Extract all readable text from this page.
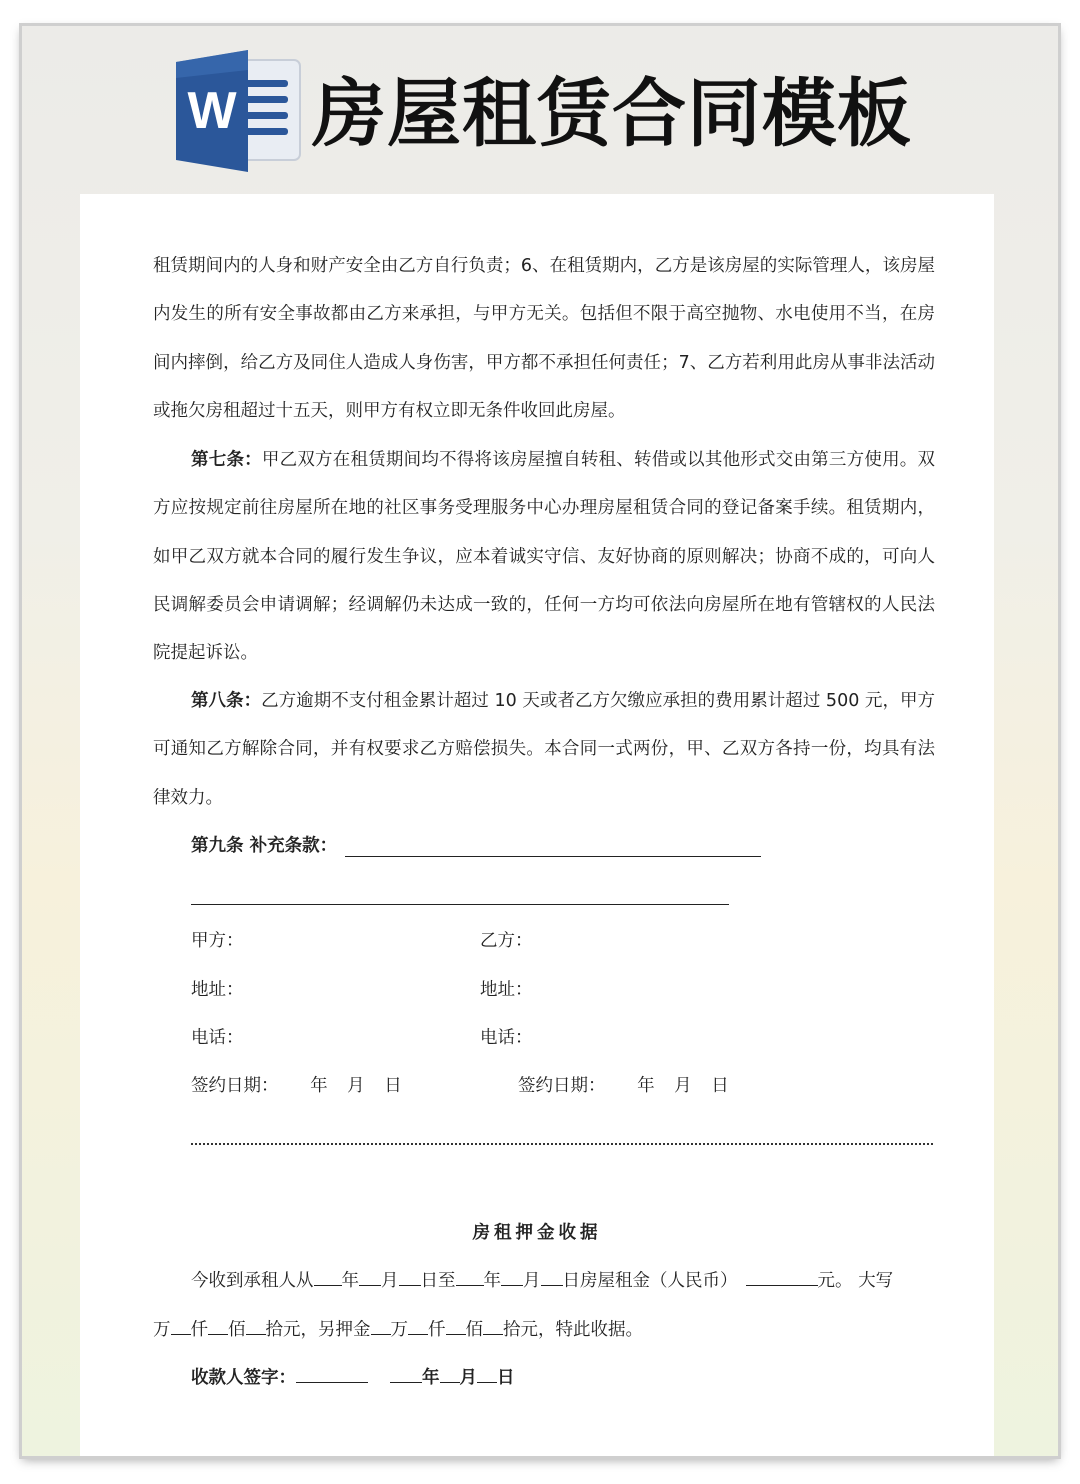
W 房屋租赁合同模板

租赁期间内的人身和财产安全由乙方自行负责；6、在租赁期内，乙方是该房屋的实际管理人，该房屋内发生的所有安全事故都由乙方来承担，与甲方无关。包括但不限于高空抛物、水电使用不当，在房间内摔倒，给乙方及同住人造成人身伤害，甲方都不承担任何责任；7、乙方若利用此房从事非法活动或拖欠房租超过十五天，则甲方有权立即无条件收回此房屋。

第七条：甲乙双方在租赁期间均不得将该房屋擅自转租、转借或以其他形式交由第三方使用。双方应按规定前往房屋所在地的社区事务受理服务中心办理房屋租赁合同的登记备案手续。租赁期内，如甲乙双方就本合同的履行发生争议，应本着诚实守信、友好协商的原则解决；协商不成的，可向人民调解委员会申请调解；经调解仍未达成一致的，任何一方均可依法向房屋所在地有管辖权的人民法院提起诉讼。

第八条：乙方逾期不支付租金累计超过 10 天或者乙方欠缴应承担的费用累计超过 500 元，甲方可通知乙方解除合同，并有权要求乙方赔偿损失。本合同一式两份，甲、乙双方各持一份，均具有法律效力。

第九条 补充条款：
甲方：	乙方：
地址：	地址：
电话：	电话：
签约日期： 年 月 日	签约日期： 年 月 日
房租押金收据
今收到承租人从 年 月 日至 年 月 日房屋租金（人民币）	元。 大写
万 仟 佰 拾元，另押金 万 仟 佰 拾元，特此收据。
收款人签字：	年 月 日
